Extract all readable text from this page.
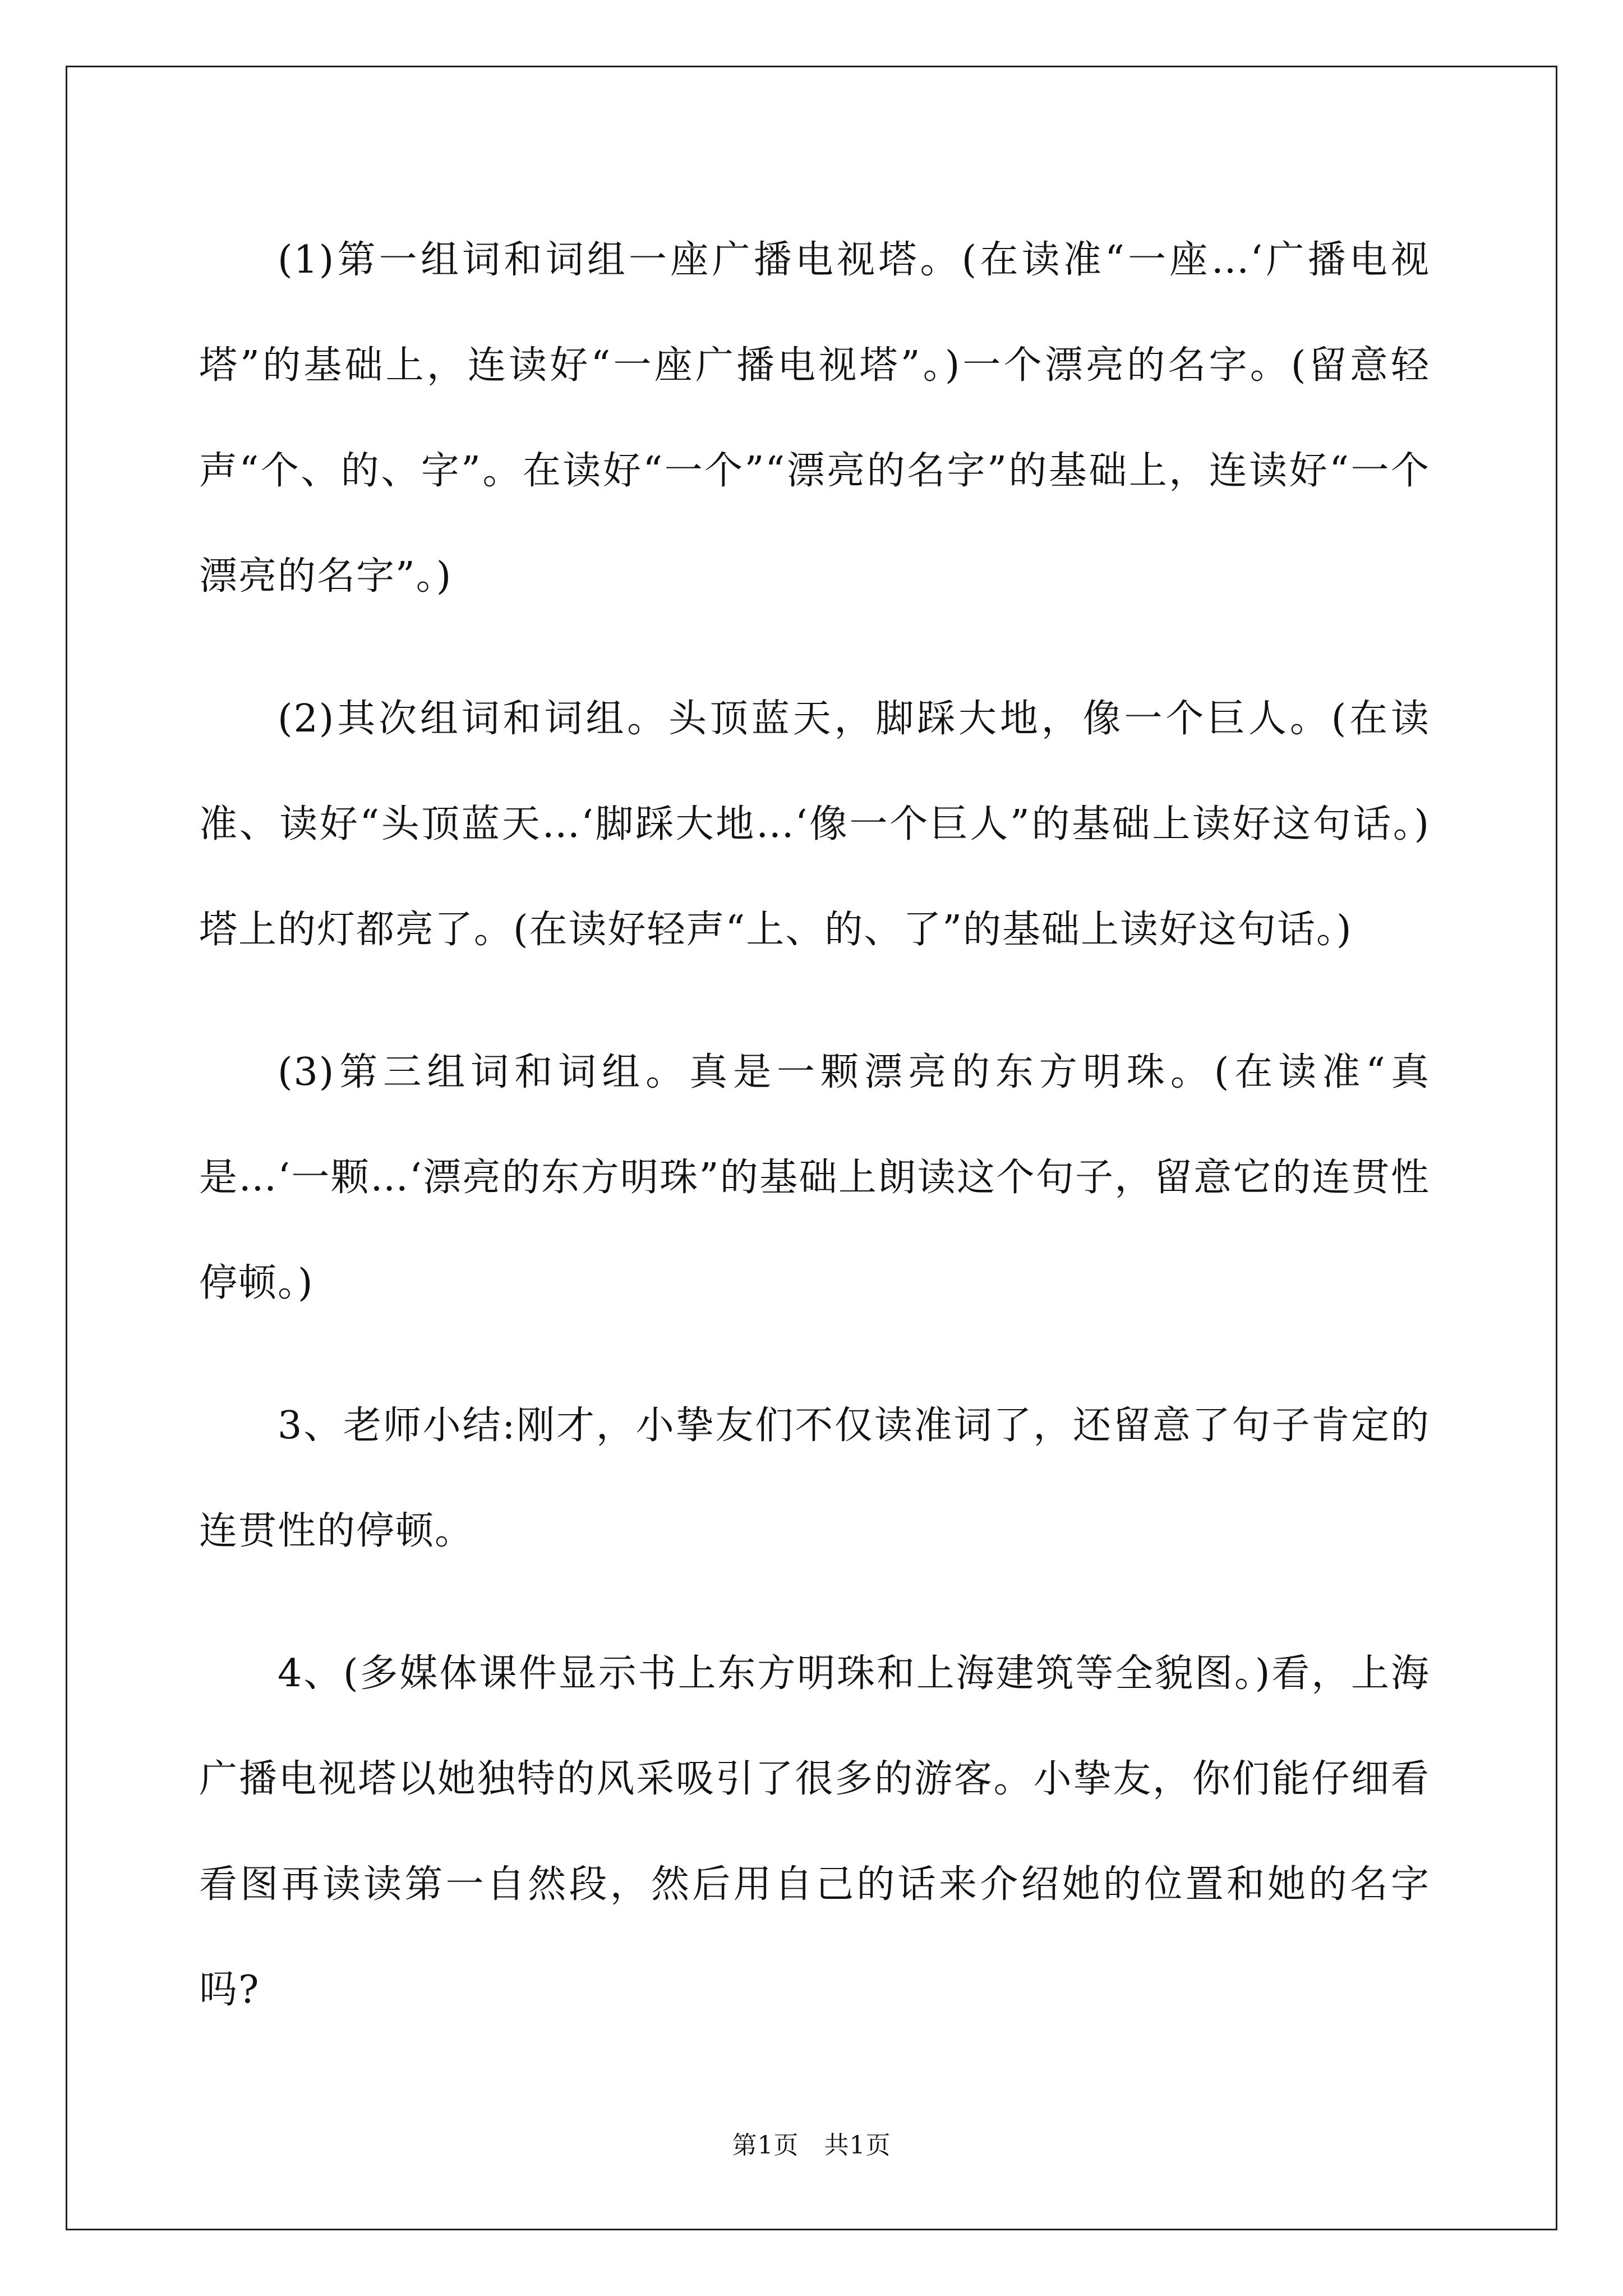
(1)第一组词和词组一座广播电视塔。(在读准“一座…‘广播电视塔”的基础上，连读好“一座广播电视塔”。)一个漂亮的名字。(留意轻声“个、的、字”。在读好“一个”“漂亮的名字”的基础上，连读好“一个漂亮的名字”。)

(2)其次组词和词组。头顶蓝天，脚踩大地，像一个巨人。(在读准、读好“头顶蓝天…‘脚踩大地…‘像一个巨人”的基础上读好这句话。)塔上的灯都亮了。(在读好轻声“上、的、了”的基础上读好这句话。)

(3)第三组词和词组。真是一颗漂亮的东方明珠。(在读准“真是…‘一颗…‘漂亮的东方明珠”的基础上朗读这个句子，留意它的连贯性停顿。)

3、老师小结:刚才，小挚友们不仅读准词了，还留意了句子肯定的连贯性的停顿。

4、(多媒体课件显示书上东方明珠和上海建筑等全貌图。)看，上海广播电视塔以她独特的风采吸引了很多的游客。小挚友，你们能仔细看看图再读读第一自然段，然后用自己的话来介绍她的位置和她的名字吗?

第1页　共1页
